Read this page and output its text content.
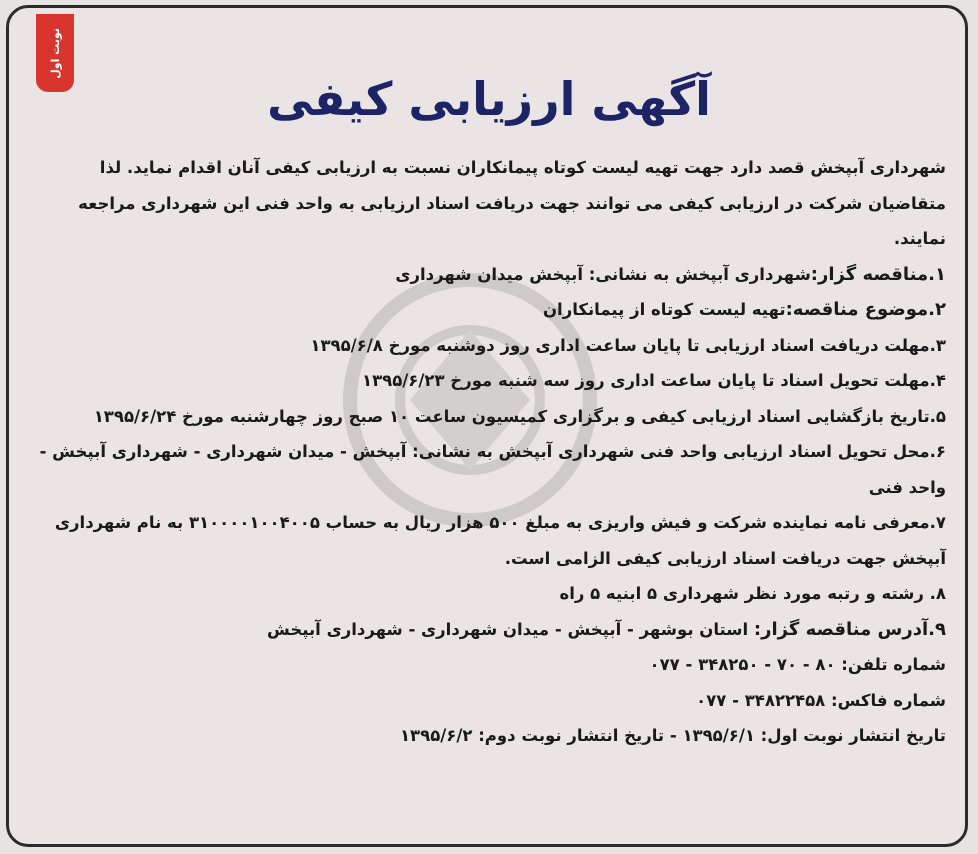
نوبت اول
آگهی ارزیابی کیفی

شهرداری آبپخش قصد دارد جهت تهیه لیست کوتاه پیمانکاران نسبت به ارزیابی کیفی آنان اقدام نماید. لذا متقاضیان شرکت در ارزیابی کیفی می توانند جهت دریافت اسناد ارزیابی به واحد فنی این شهرداری مراجعه نمایند.

۱.مناقصه گزار:شهرداری آبپخش به نشانی: آبپخش میدان شهرداری

۲.موضوع مناقصه:تهیه لیست کوتاه از پیمانکاران

۳.مهلت دریافت اسناد ارزیابی تا پایان ساعت اداری روز دوشنبه مورخ ۱۳۹۵/۶/۸

۴.مهلت تحویل اسناد تا پایان ساعت اداری روز سه شنبه مورخ ۱۳۹۵/۶/۲۳

۵.تاریخ بازگشایی اسناد ارزیابی کیفی و برگزاری کمیسیون ساعت ۱۰ صبح روز چهارشنبه مورخ ۱۳۹۵/۶/۲۴

۶.محل تحویل اسناد ارزیابی واحد فنی شهرداری آبپخش به نشانی: آبپخش - میدان شهرداری - شهرداری آبپخش - واحد فنی

۷.معرفی نامه نماینده شرکت و فیش واریزی به مبلغ ۵۰۰ هزار ریال به حساب ۳۱۰۰۰۰۱۰۰۴۰۰۵ به نام شهرداری آبپخش جهت دریافت اسناد ارزیابی کیفی الزامی است.

۸. رشته و رتبه مورد نظر شهرداری ۵ ابنیه ۵ راه

۹.آدرس مناقصه گزار: استان بوشهر - آبپخش - میدان شهرداری - شهرداری آبپخش

شماره تلفن: ۸۰ - ۷۰ - ۳۴۸۲۵۰ - ۰۷۷

شماره فاکس: ۳۴۸۲۲۴۵۸ - ۰۷۷

تاریخ انتشار نوبت اول: ۱۳۹۵/۶/۱ - تاریخ انتشار نوبت دوم: ۱۳۹۵/۶/۲
